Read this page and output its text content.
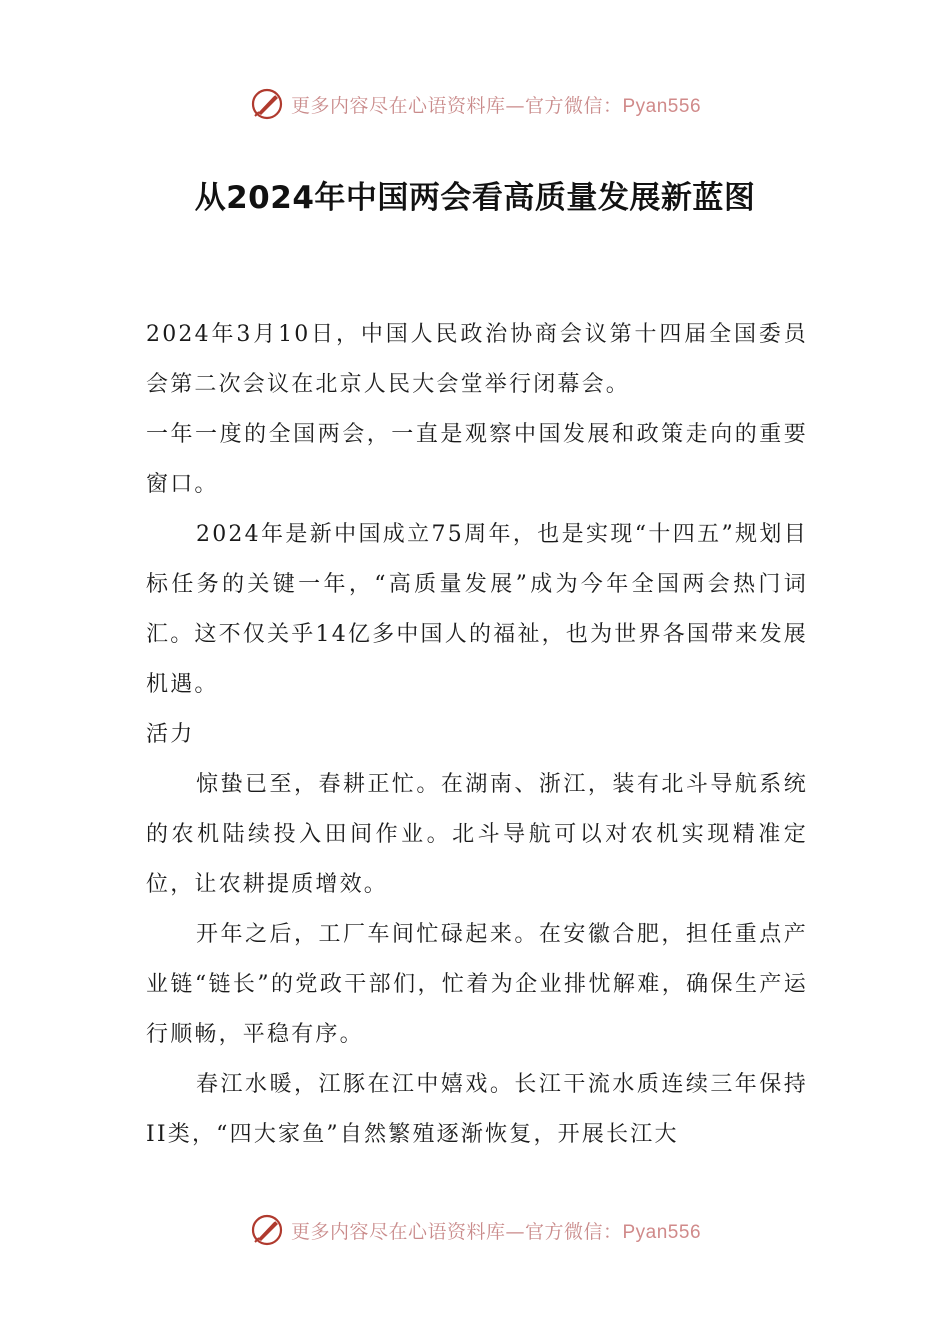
更多内容尽在心语资料库—官方微信：Pyan556
从2024年中国两会看高质量发展新蓝图

2024年3月10日，中国人民政治协商会议第十四届全国委员会第二次会议在北京人民大会堂举行闭幕会。

一年一度的全国两会，一直是观察中国发展和政策走向的重要窗口。

2024年是新中国成立75周年，也是实现“十四五”规划目标任务的关键一年，“高质量发展”成为今年全国两会热门词汇。这不仅关乎14亿多中国人的福祉，也为世界各国带来发展机遇。

活力

惊蛰已至，春耕正忙。在湖南、浙江，装有北斗导航系统的农机陆续投入田间作业。北斗导航可以对农机实现精准定位，让农耕提质增效。

开年之后，工厂车间忙碌起来。在安徽合肥，担任重点产业链“链长”的党政干部们，忙着为企业排忧解难，确保生产运行顺畅，平稳有序。

春江水暖，江豚在江中嬉戏。长江干流水质连续三年保持II类，“四大家鱼”自然繁殖逐渐恢复，开展长江大

更多内容尽在心语资料库—官方微信：Pyan556
